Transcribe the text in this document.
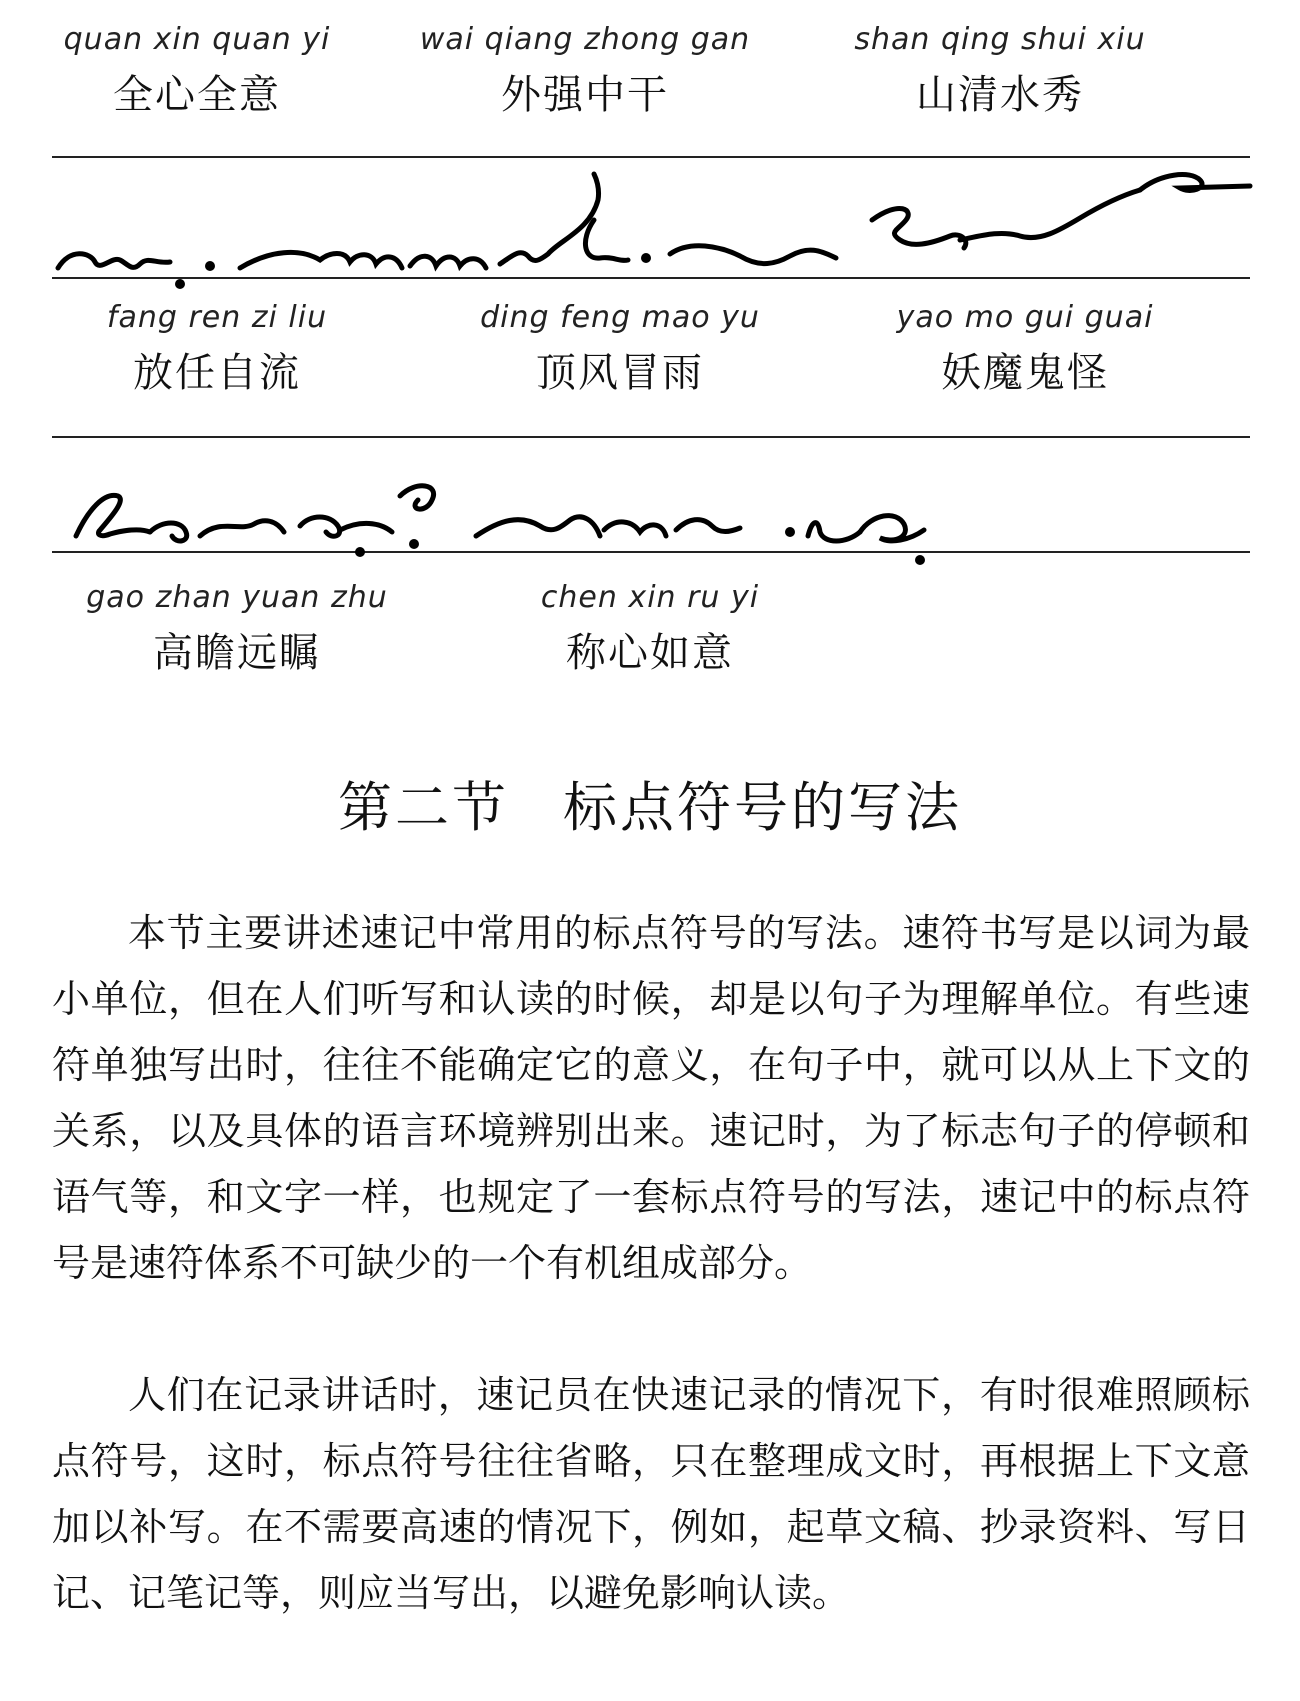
quan xin quan yi
全心全意
wai qiang zhong gan
外强中干
shan qing shui xiu
山清水秀
fang ren zi liu
放任自流
ding feng mao yu
顶风冒雨
yao mo gui guai
妖魔鬼怪
gao zhan yuan zhu
高瞻远瞩
chen xin ru yi
称心如意
第二节 标点符号的写法

本节主要讲述速记中常用的标点符号的写法。速符书写是以词为最小单位，但在人们听写和认读的时候，却是以句子为理解单位。有些速符单独写出时，往往不能确定它的意义，在句子中，就可以从上下文的关系，以及具体的语言环境辨别出来。速记时，为了标志句子的停顿和语气等，和文字一样，也规定了一套标点符号的写法，速记中的标点符号是速符体系不可缺少的一个有机组成部分。

人们在记录讲话时，速记员在快速记录的情况下，有时很难照顾标点符号，这时，标点符号往往省略，只在整理成文时，再根据上下文意加以补写。在不需要高速的情况下，例如，起草文稿、抄录资料、写日记、记笔记等，则应当写出，以避免影响认读。
